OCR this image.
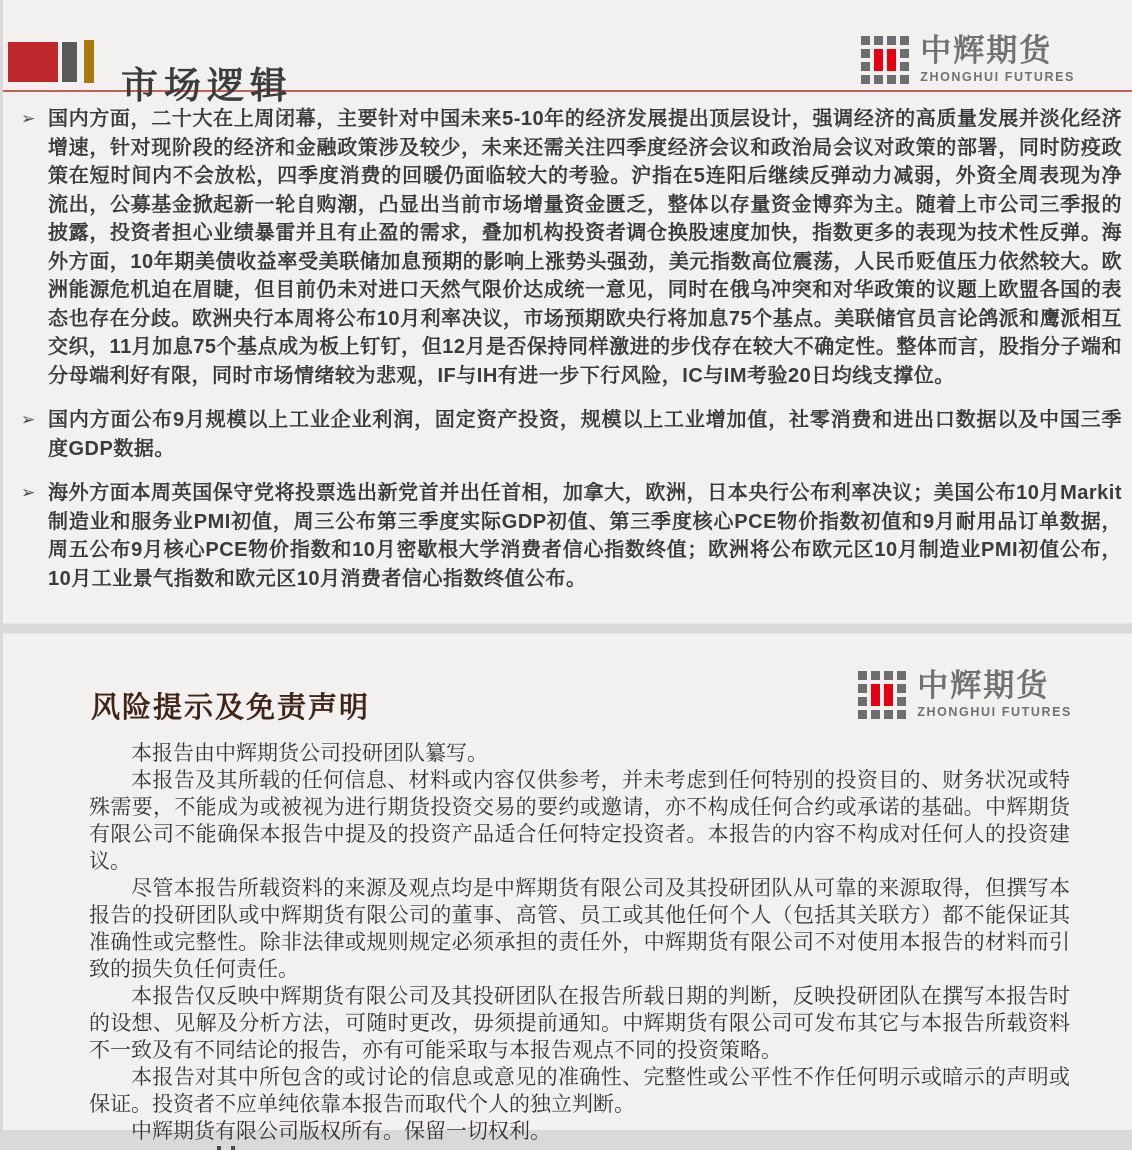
市场逻辑
中辉期货
ZHONGHUI FUTURES
➢ 国内方面，二十大在上周闭幕，主要针对中国未来5-10年的经济发展提出顶层设计，强调经济的高质量发展并淡化经济增速，针对现阶段的经济和金融政策涉及较少，未来还需关注四季度经济会议和政治局会议对政策的部署，同时防疫政策在短时间内不会放松，四季度消费的回暖仍面临较大的考验。沪指在5连阳后继续反弹动力减弱，外资全周表现为净流出，公募基金掀起新一轮自购潮，凸显出当前市场增量资金匮乏，整体以存量资金博弈为主。随着上市公司三季报的披露，投资者担心业绩暴雷并且有止盈的需求，叠加机构投资者调仓换股速度加快，指数更多的表现为技术性反弹。海外方面，10年期美债收益率受美联储加息预期的影响上涨势头强劲，美元指数高位震荡，人民币贬值压力依然较大。欧洲能源危机迫在眉睫，但目前仍未对进口天然气限价达成统一意见，同时在俄乌冲突和对华政策的议题上欧盟各国的表态也存在分歧。欧洲央行本周将公布10月利率决议，市场预期欧央行将加息75个基点。美联储官员言论鸽派和鹰派相互交织，11月加息75个基点成为板上钉钉，但12月是否保持同样激进的步伐存在较大不确定性。整体而言，股指分子端和分母端利好有限，同时市场情绪较为悲观，IF与IH有进一步下行风险，IC与IM考验20日均线支撑位。
➢ 国内方面公布9月规模以上工业企业利润，固定资产投资，规模以上工业增加值，社零消费和进出口数据以及中国三季度GDP数据。
➢ 海外方面本周英国保守党将投票选出新党首并出任首相，加拿大，欧洲，日本央行公布利率决议；美国公布10月Markit制造业和服务业PMI初值，周三公布第三季度实际GDP初值、第三季度核心PCE物价指数初值和9月耐用品订单数据，周五公布9月核心PCE物价指数和10月密歇根大学消费者信心指数终值；欧洲将公布欧元区10月制造业PMI初值公布，10月工业景气指数和欧元区10月消费者信心指数终值公布。
中辉期货
ZHONGHUI FUTURES
风险提示及免责声明

本报告由中辉期货公司投研团队纂写。

本报告及其所载的任何信息、材料或内容仅供参考，并未考虑到任何特别的投资目的、财务状况或特殊需要，不能成为或被视为进行期货投资交易的要约或邀请，亦不构成任何合约或承诺的基础。中辉期货有限公司不能确保本报告中提及的投资产品适合任何特定投资者。本报告的内容不构成对任何人的投资建议。

尽管本报告所载资料的来源及观点均是中辉期货有限公司及其投研团队从可靠的来源取得，但撰写本报告的投研团队或中辉期货有限公司的董事、高管、员工或其他任何个人（包括其关联方）都不能保证其准确性或完整性。除非法律或规则规定必须承担的责任外，中辉期货有限公司不对使用本报告的材料而引致的损失负任何责任。

本报告仅反映中辉期货有限公司及其投研团队在报告所载日期的判断，反映投研团队在撰写本报告时的设想、见解及分析方法，可随时更改，毋须提前通知。中辉期货有限公司可发布其它与本报告所载资料不一致及有不同结论的报告，亦有可能采取与本报告观点不同的投资策略。

本报告对其中所包含的或讨论的信息或意见的准确性、完整性或公平性不作任何明示或暗示的声明或保证。投资者不应单纯依靠本报告而取代个人的独立判断。

中辉期货有限公司版权所有。保留一切权利。
